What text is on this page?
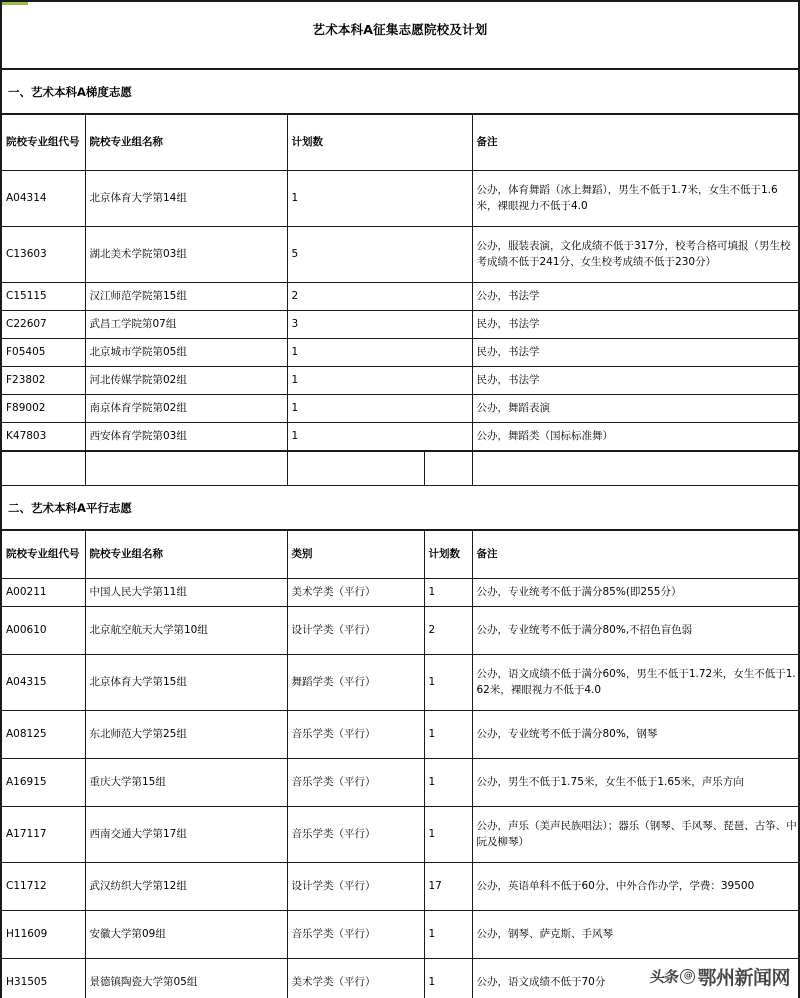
艺术本科A征集志愿院校及计划
一、艺术本科A梯度志愿
院校专业组代号	院校专业组名称	计划数	备注
A04314	北京体育大学第14组	1	公办，体育舞蹈（冰上舞蹈），男生不低于1.7米，女生不低于1.6米，裸眼视力不低于4.0
C13603	湖北美术学院第03组	5	公办，服装表演，文化成绩不低于317分，校考合格可填报（男生校考成绩不低于241分、女生校考成绩不低于230分）
C15115	汉江师范学院第15组	2	公办，书法学
C22607	武昌工学院第07组	3	民办，书法学
F05405	北京城市学院第05组	1	民办，书法学
F23802	河北传媒学院第02组	1	民办，书法学
F89002	南京体育学院第02组	1	公办，舞蹈表演
K47803	西安体育学院第03组	1	公办，舞蹈类（国标标准舞）

二、艺术本科A平行志愿
院校专业组代号	院校专业组名称	类别	计划数	备注
A00211	中国人民大学第11组	美术学类（平行）	1	公办，专业统考不低于满分85%(即255分）
A00610	北京航空航天大学第10组	设计学类（平行）	2	公办，专业统考不低于满分80%,不招色盲色弱
A04315	北京体育大学第15组	舞蹈学类（平行）	1	公办，语文成绩不低于满分60%，男生不低于1.72米，女生不低于1.62米，裸眼视力不低于4.0
A08125	东北师范大学第25组	音乐学类（平行）	1	公办，专业统考不低于满分80%，钢琴
A16915	重庆大学第15组	音乐学类（平行）	1	公办，男生不低于1.75米，女生不低于1.65米，声乐方向
A17117	西南交通大学第17组	音乐学类（平行）	1	公办，声乐（美声民族唱法）；器乐（钢琴、手风琴、琵琶、古筝、中阮及柳琴）
C11712	武汉纺织大学第12组	设计学类（平行）	17	公办，英语单科不低于60分，中外合作办学，学费：39500
H11609	安徽大学第09组	音乐学类（平行）	1	公办，钢琴、萨克斯、手风琴
H31505	景德镇陶瓷大学第05组	美术学类（平行）	1	公办，语文成绩不低于70分	头条 @ 鄂州新闻网
